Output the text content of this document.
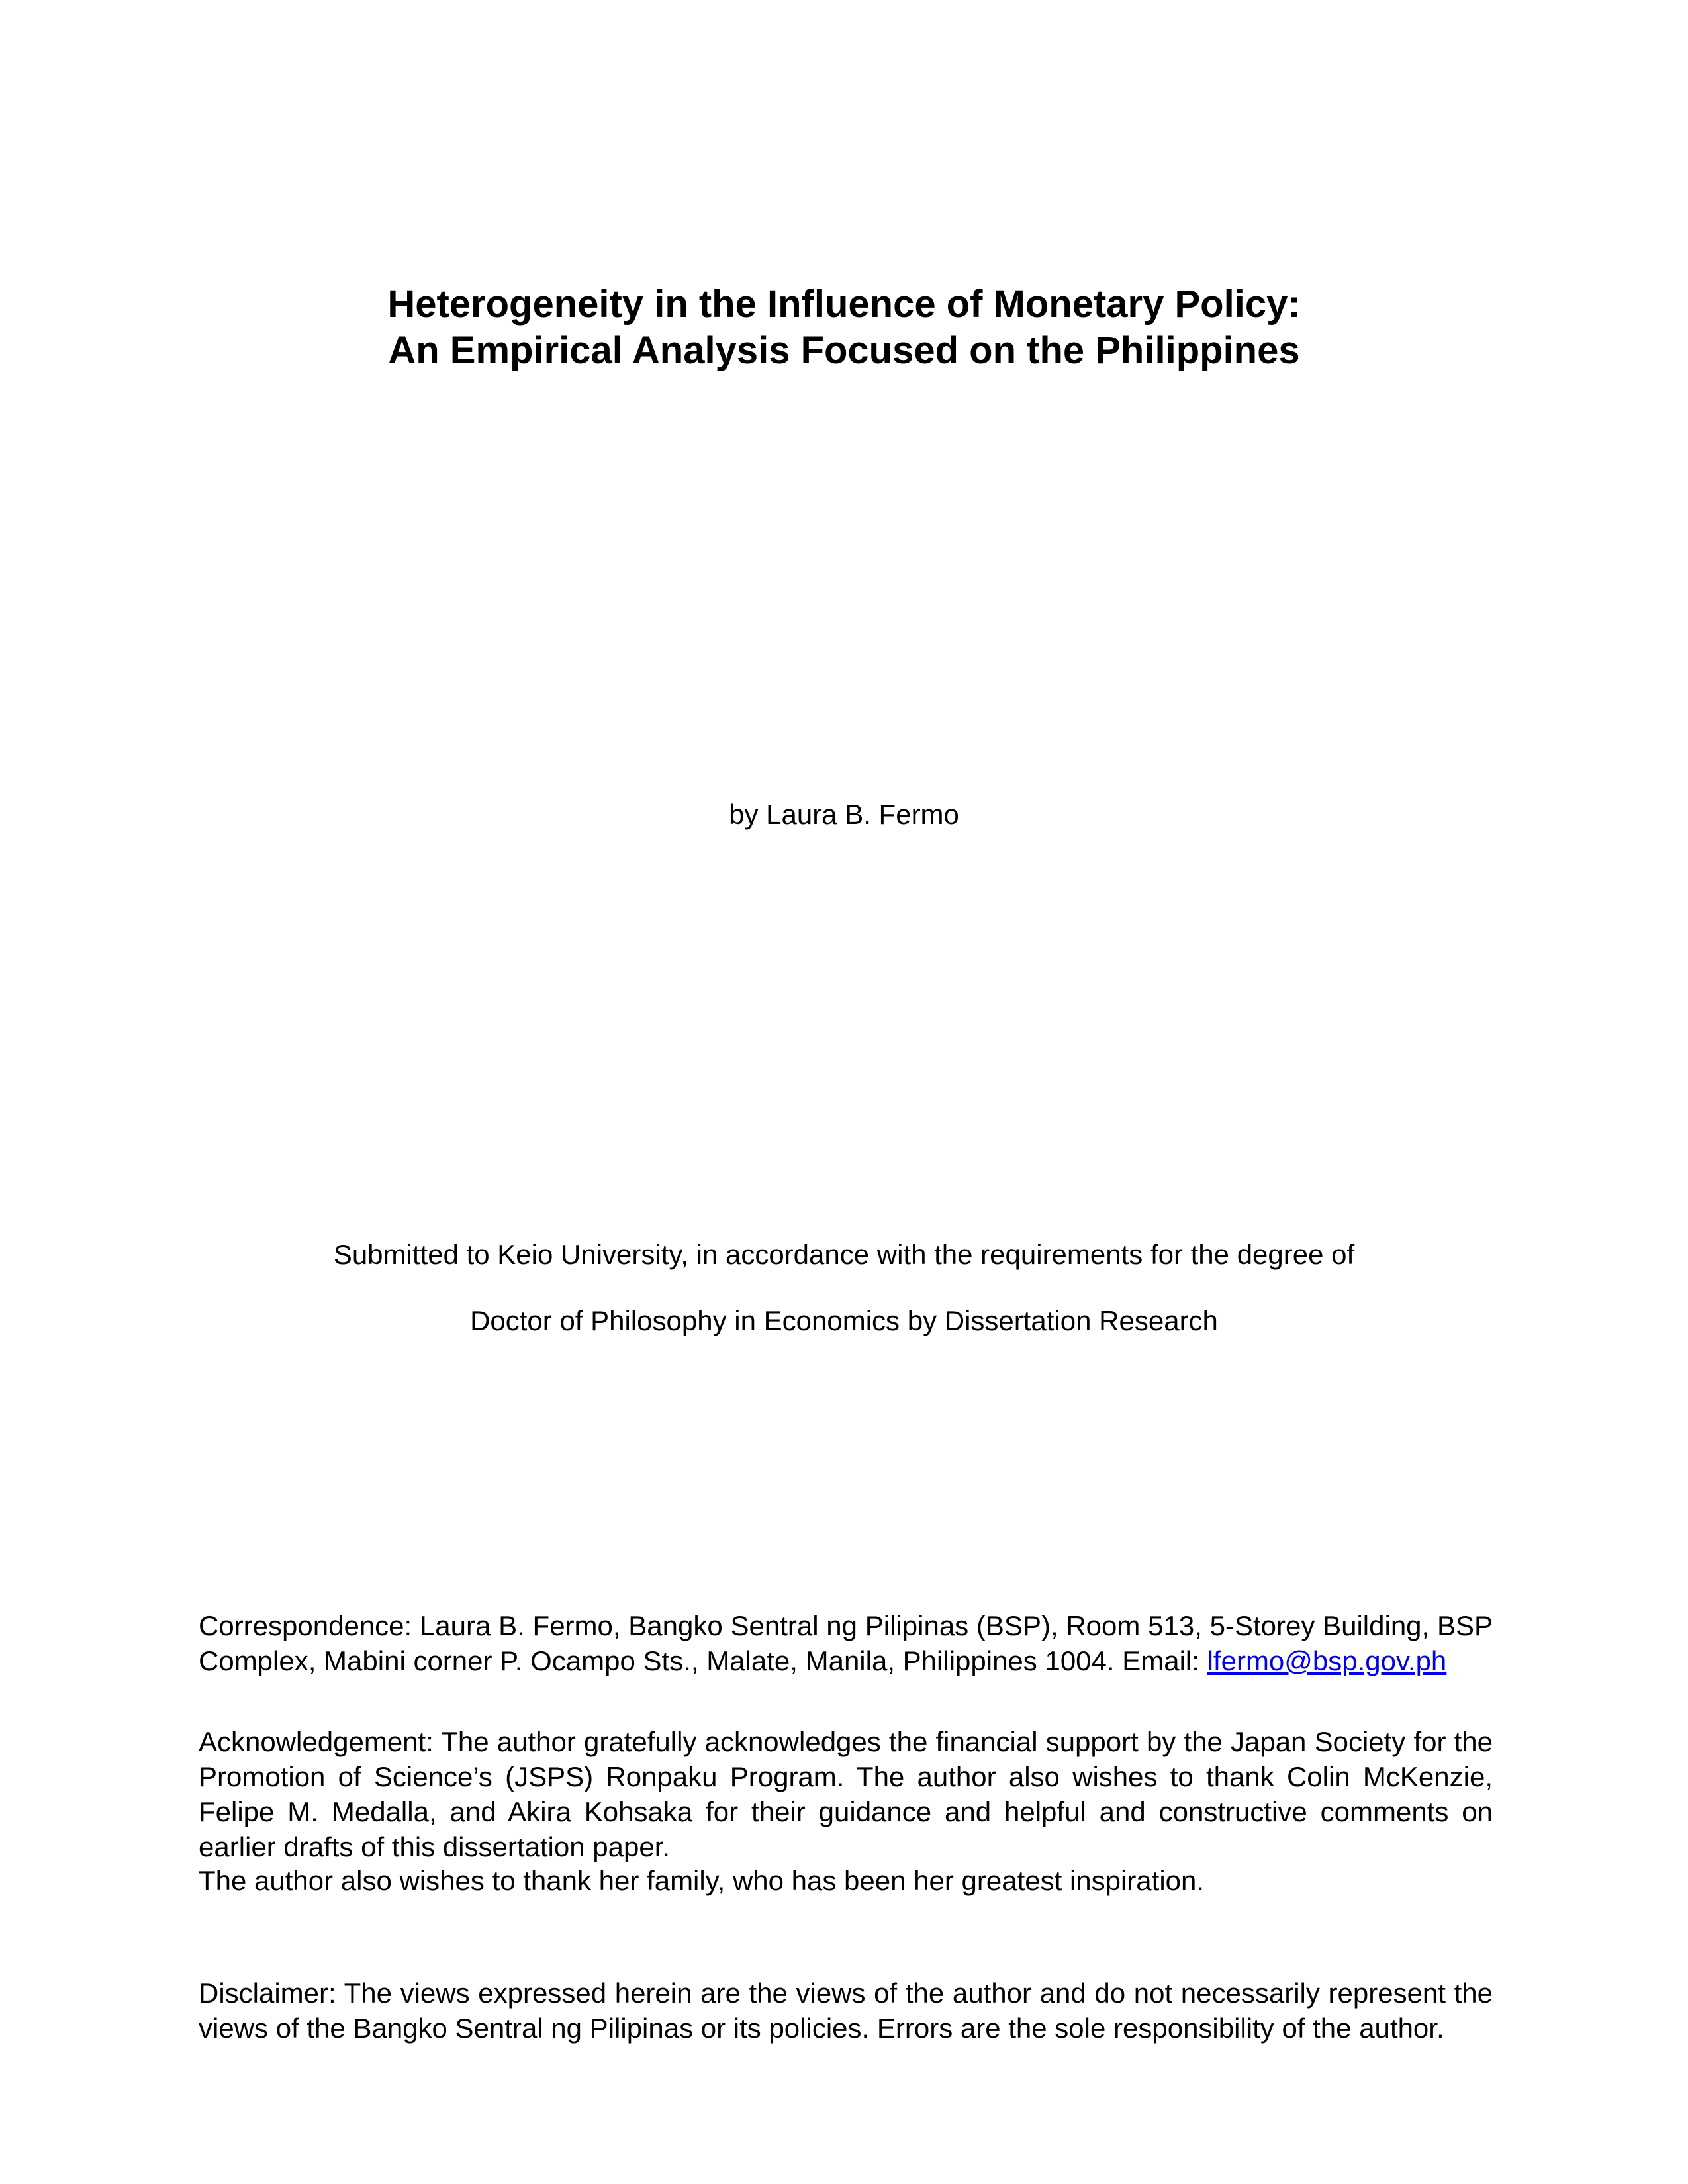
Heterogeneity in the Influence of Monetary Policy:
An Empirical Analysis Focused on the Philippines
by Laura B. Fermo
Submitted to Keio University, in accordance with the requirements for the degree of
Doctor of Philosophy in Economics by Dissertation Research

Correspondence: Laura B. Fermo, Bangko Sentral ng Pilipinas (BSP), Room 513, 5-Storey Building, BSP Complex, Mabini corner P. Ocampo Sts., Malate, Manila, Philippines 1004. Email: lfermo@bsp.gov.ph

Acknowledgement: The author gratefully acknowledges the financial support by the Japan Society for the Promotion of Science’s (JSPS) Ronpaku Program. The author also wishes to thank Colin McKenzie, Felipe M. Medalla, and Akira Kohsaka for their guidance and helpful and constructive comments on earlier drafts of this dissertation paper.

The author also wishes to thank her family, who has been her greatest inspiration.

Disclaimer: The views expressed herein are the views of the author and do not necessarily represent the views of the Bangko Sentral ng Pilipinas or its policies. Errors are the sole responsibility of the author.
